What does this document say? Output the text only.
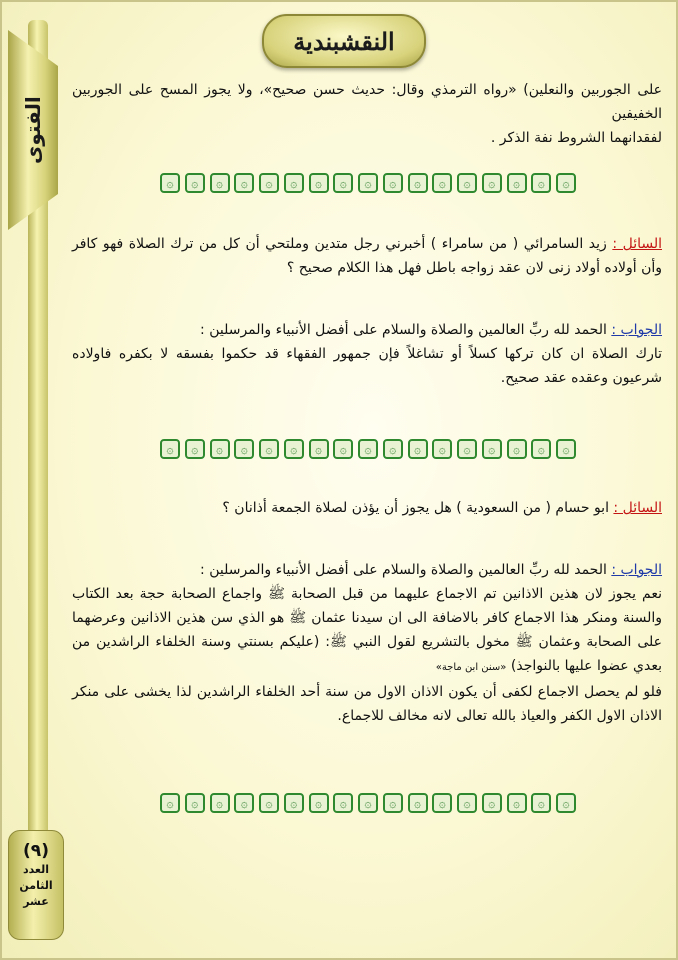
الفتوى
(٩)
العدد
الثامن
عشر
النقشبندية

على الجوربين والنعلين) «رواه الترمذي وقال: حديث حسن صحيح»، ولا يجوز المسح على الجوربين الخفيفين

لفقدانهما الشروط نفة الذكر .

۞	۞	۞	۞	۞	۞	۞	۞	۞	۞	۞	۞	۞	۞	۞	۞	۞

السائل : زيد السامرائي ( من سامراء ) أخبرني رجل متدين وملتحي أن كل من ترك الصلاة فهو كافر وأن أولاده أولاد زنى لان عقد زواجه باطل فهل هذا الكلام صحيح ؟

الجواب : الحمد لله ربِّ العالمين والصلاة والسلام على أفضل الأنبياء والمرسلين :

تارك الصلاة ان كان تركها كسلاً أو تشاغلاً فإن جمهور الفقهاء قد حكموا بفسقه لا بكفره فاولاده شرعيون وعقده عقد صحيح.

۞	۞	۞	۞	۞	۞	۞	۞	۞	۞	۞	۞	۞	۞	۞	۞	۞

السائل : ابو حسام ( من السعودية ) هل يجوز أن يؤذن لصلاة الجمعة أذانان ؟

الجواب : الحمد لله ربِّ العالمين والصلاة والسلام على أفضل الأنبياء والمرسلين :

نعم يجوز لان هذين الاذانين تم الاجماع عليهما من قبل الصحابة ﷺ واجماع الصحابة حجة بعد الكتاب والسنة ومنكر هذا الاجماع كافر بالاضافة الى ان سيدنا عثمان ﷺ هو الذي سن هذين الاذانين وعرضهما على الصحابة وعثمان ﷺ مخول بالتشريع لقول النبي ﷺ: (عليكم بسنتي وسنة الخلفاء الراشدين من بعدي عضوا عليها بالنواجذ) «سنن ابن ماجة»

فلو لم يحصل الاجماع لكفى أن يكون الاذان الاول من سنة أحد الخلفاء الراشدين لذا يخشى على منكر الاذان الاول الكفر والعياذ بالله تعالى لانه مخالف للاجماع.

۞	۞	۞	۞	۞	۞	۞	۞	۞	۞	۞	۞	۞	۞	۞	۞	۞
